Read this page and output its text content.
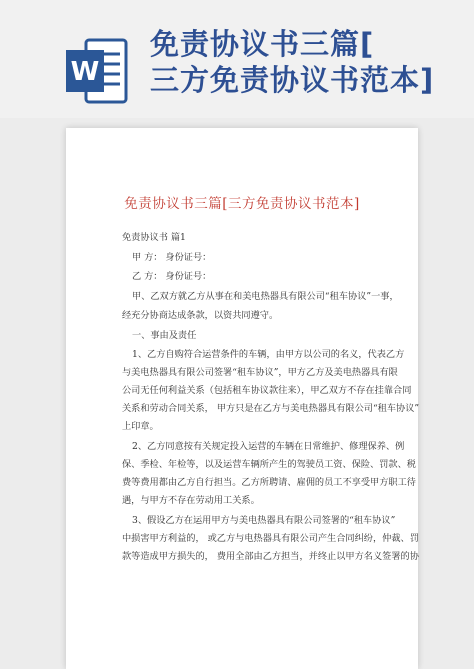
W
免责协议书三篇[
三方免责协议书范本]
免责协议书三篇[三方免责协议书范本]
免责协议书 篇1
甲 方： 身份证号：
乙 方： 身份证号：
甲、乙双方就乙方从事在和美电热器具有限公司“租车协议”一事，
经充分协商达成条款，以资共同遵守。
一、事由及责任
1、乙方自购符合运营条件的车辆，由甲方以公司的名义，代表乙方
与美电热器具有限公司签署“租车协议”，甲方乙方及美电热器具有限
公司无任何利益关系（包括租车协议款往来），甲乙双方不存在挂靠合同
关系和劳动合同关系， 甲方只是在乙方与美电热器具有限公司“租车协议”
上印章。
2、乙方同意按有关规定投入运营的车辆在日常维护、修理保养、例
保、季检、年检等，以及运营车辆所产生的驾驶员工资、保险、罚款、税
费等费用都由乙方自行担当。乙方所聘请、雇佣的员工不享受甲方职工待
遇，与甲方不存在劳动用工关系。
3、假设乙方在运用甲方与美电热器具有限公司签署的“租车协议”
中损害甲方利益的， 或乙方与电热器具有限公司产生合同纠纷，仲裁、罚
款等造成甲方损失的， 费用全部由乙方担当，并终止以甲方名义签署的协
